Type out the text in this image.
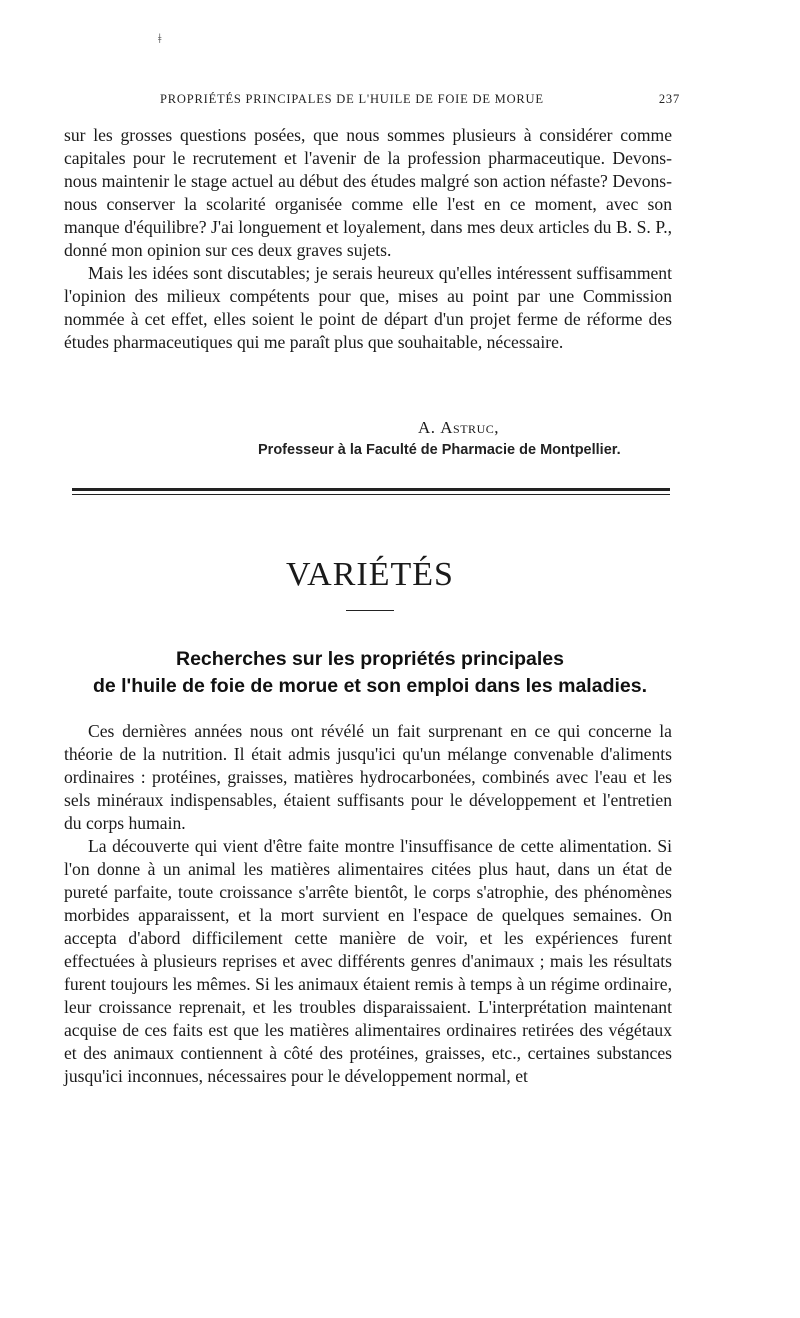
ǂ
PROPRIÉTÉS PRINCIPALES DE L'HUILE DE FOIE DE MORUE	237

sur les grosses questions posées, que nous sommes plusieurs à considérer comme capitales pour le recrutement et l'avenir de la profession pharmaceutique. Devons-nous maintenir le stage actuel au début des études malgré son action néfaste? Devons-nous conserver la scolarité organisée comme elle l'est en ce moment, avec son manque d'équilibre? J'ai longuement et loyalement, dans mes deux articles du B. S. P., donné mon opinion sur ces deux graves sujets.

Mais les idées sont discutables; je serais heureux qu'elles intéressent suffisamment l'opinion des milieux compétents pour que, mises au point par une Commission nommée à cet effet, elles soient le point de départ d'un projet ferme de réforme des études pharmaceutiques qui me paraît plus que souhaitable, nécessaire.

A. Astruc,
Professeur à la Faculté de Pharmacie de Montpellier.
VARIÉTÉS
Recherches sur les propriétés principales
de l'huile de foie de morue et son emploi dans les maladies.

Ces dernières années nous ont révélé un fait surprenant en ce qui concerne la théorie de la nutrition. Il était admis jusqu'ici qu'un mélange convenable d'aliments ordinaires : protéines, graisses, matières hydrocarbonées, combinés avec l'eau et les sels minéraux indispensables, étaient suffisants pour le développement et l'entretien du corps humain.

La découverte qui vient d'être faite montre l'insuffisance de cette alimentation. Si l'on donne à un animal les matières alimentaires citées plus haut, dans un état de pureté parfaite, toute croissance s'arrête bientôt, le corps s'atrophie, des phénomènes morbides apparaissent, et la mort survient en l'espace de quelques semaines. On accepta d'abord difficilement cette manière de voir, et les expériences furent effectuées à plusieurs reprises et avec différents genres d'animaux ; mais les résultats furent toujours les mêmes. Si les animaux étaient remis à temps à un régime ordinaire, leur croissance reprenait, et les troubles disparaissaient. L'interprétation maintenant acquise de ces faits est que les matières alimentaires ordinaires retirées des végétaux et des animaux contiennent à côté des protéines, graisses, etc., certaines substances jusqu'ici inconnues, nécessaires pour le développement normal, et
